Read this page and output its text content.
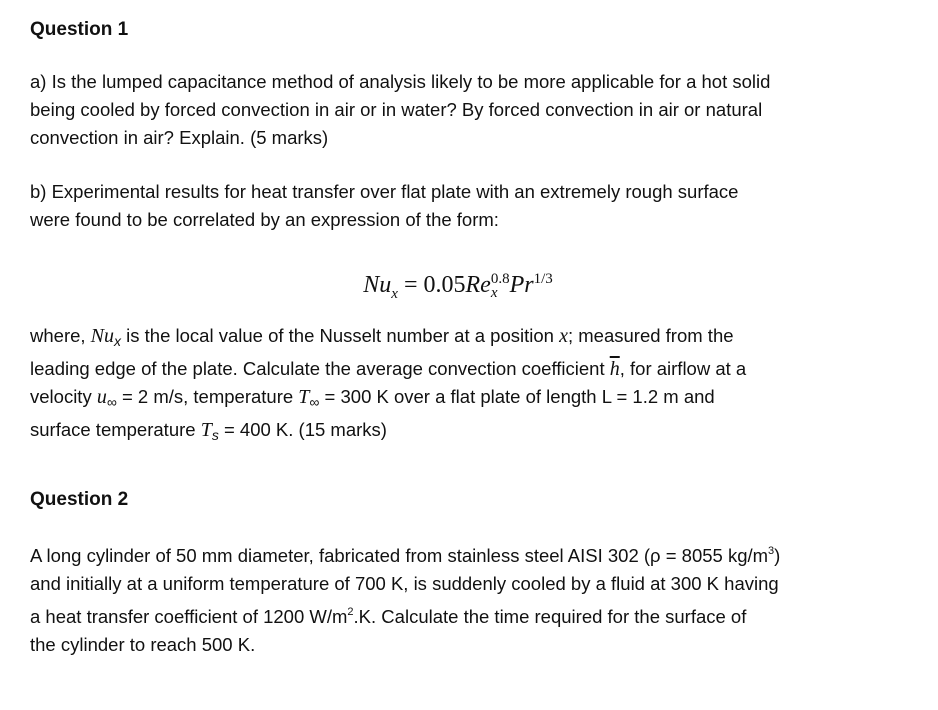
Question 1
a) Is the lumped capacitance method of analysis likely to be more applicable for a hot solid
being cooled by forced convection in air or in water? By forced convection in air or natural
convection in air? Explain. (5 marks)
b) Experimental results for heat transfer over flat plate with an extremely rough surface
were found to be correlated by an expression of the form:
$Nu_x = 0.05Re$ 0.8
x $Pr^{1/3}$
where, $Nu_x$ is the local value of the Nusselt number at a position x; measured from the
leading edge of the plate. Calculate the average convection coefficient $\overline{h}$, for airflow at a
velocity $u_\infty = 2$ m/s, temperature $T_\infty = 300$ K over a flat plate of length L = 1.2 m and
surface temperature $T_s = 400$ K. (15 marks)
Question 2
A long cylinder of 50 mm diameter, fabricated from stainless steel AISI 302 (ρ = 8055 $kg/m^3$)
and initially at a uniform temperature of 700 K, is suddenly cooled by a fluid at 300 K having
a heat transfer coefficient of 1200 $W/m^2.K$. Calculate the time required for the surface of
the cylinder to reach 500 K.
